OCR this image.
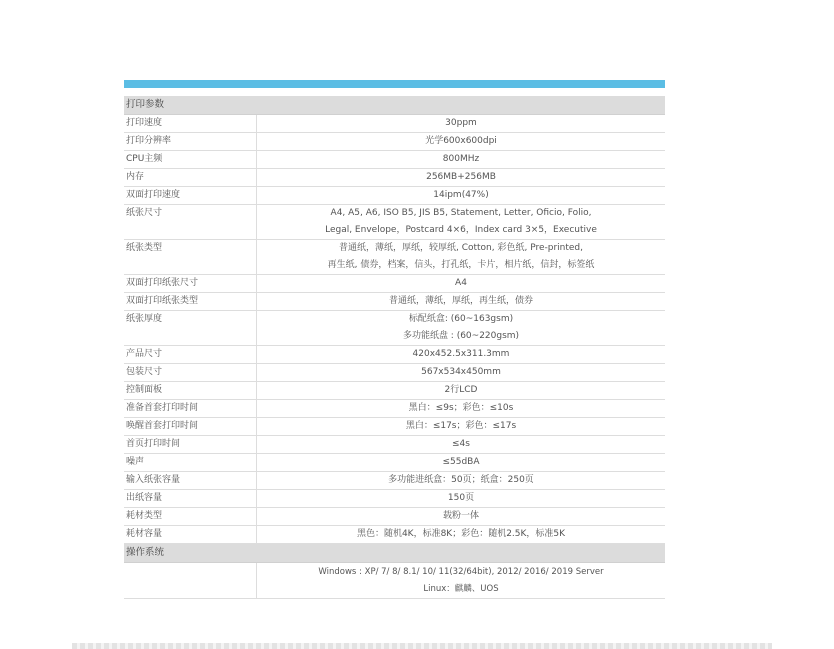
打印参数
打印速度	30ppm

打印分辨率	光学600x600dpi

CPU主频	800MHz

内存	256MB+256MB

双面打印速度	14ipm(47%)

纸张尺寸	A4, A5, A6, ISO B5, JIS B5, Statement, Letter, Oficio, Folio,
Legal, Envelope，Postcard 4×6，Index card 3×5，Executive

纸张类型	普通纸，薄纸，厚纸，较厚纸, Cotton, 彩色纸, Pre-printed,
再生纸, 债券，档案，信头，打孔纸，卡片，相片纸，信封，标签纸

双面打印纸张尺寸	A4

双面打印纸张类型	普通纸，薄纸，厚纸，再生纸，债券

纸张厚度	标配纸盒: (60~163gsm)
多功能纸盘 : (60~220gsm)

产品尺寸	420x452.5x311.3mm

包装尺寸	567x534x450mm

控制面板	2行LCD

准备首套打印时间	黑白：≤9s；彩色：≤10s

唤醒首套打印时间	黑白：≤17s；彩色：≤17s

首页打印时间	≤4s

噪声	≤55dBA

输入纸张容量	多功能进纸盒：50页；纸盒：250页

出纸容量	150页

耗材类型	载粉一体

耗材容量	黑色：随机4K，标准8K；彩色：随机2.5K，标准5K
操作系统

Windows : XP/ 7/ 8/ 8.1/ 10/ 11(32/64bit), 2012/ 2016/ 2019 Server
Linux：麒麟、UOS
